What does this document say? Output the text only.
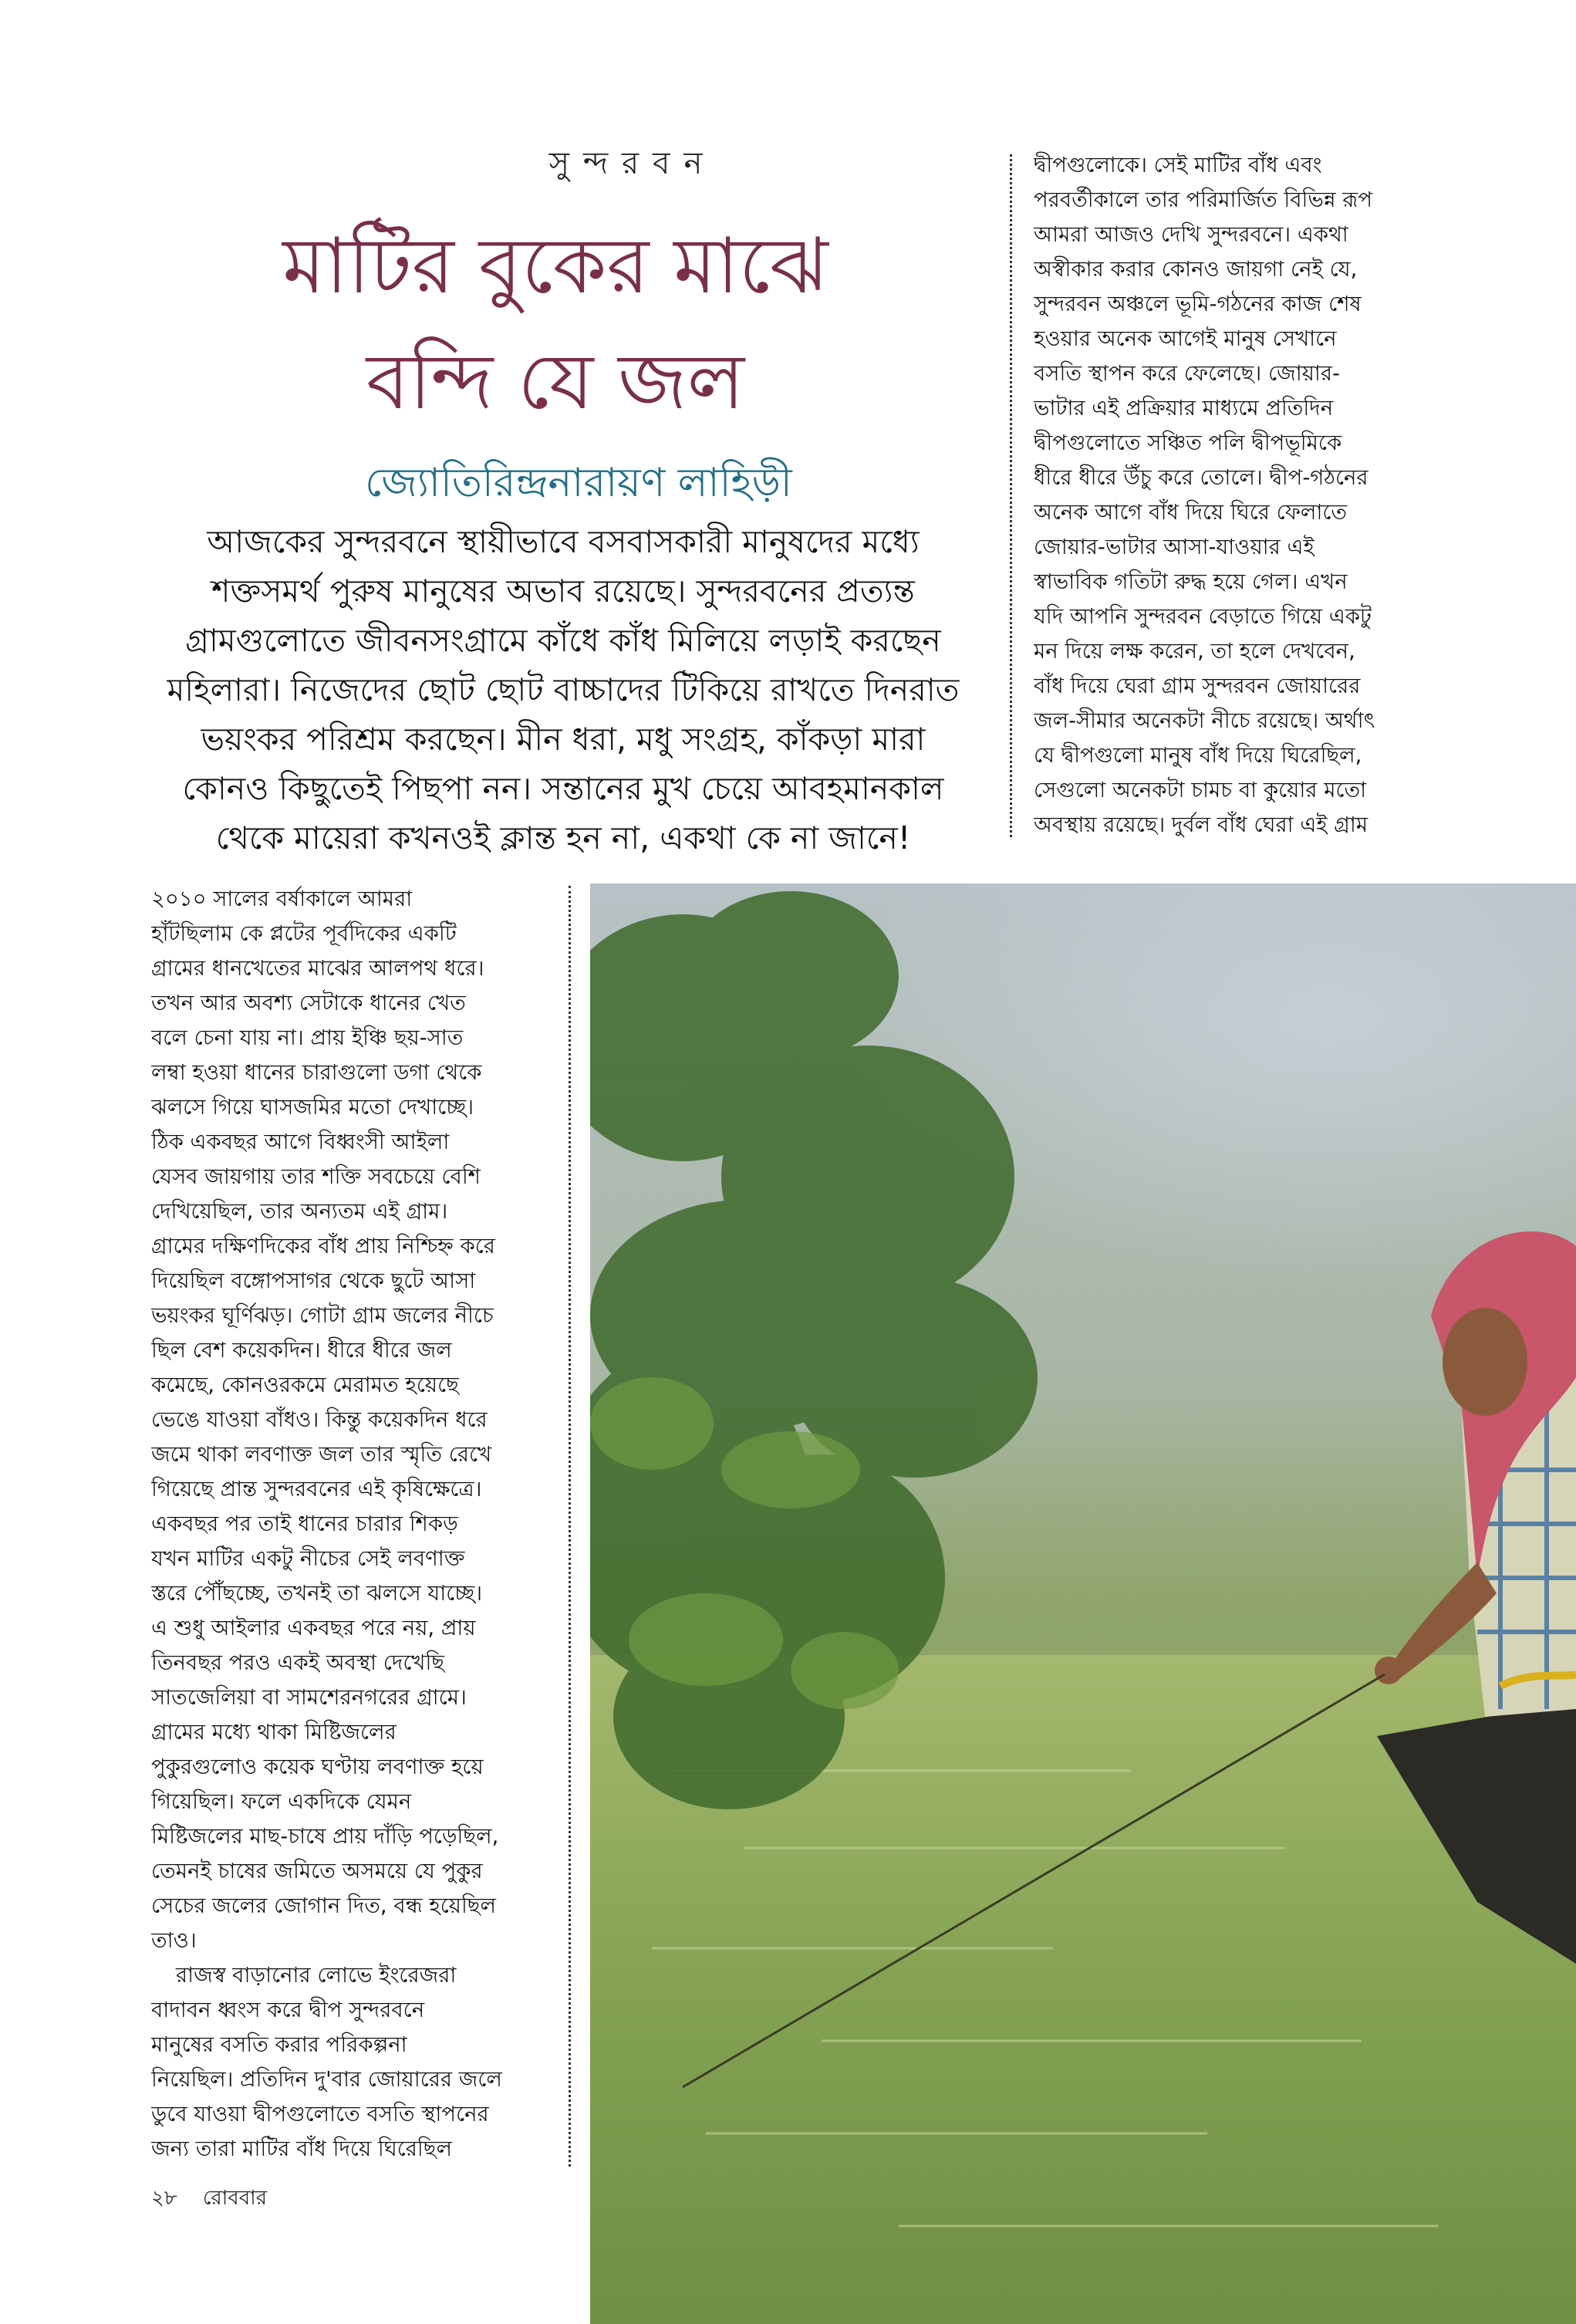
সুন্দরবন
মাটির বুকের মাঝে
বন্দি যে জল
জ্যোতিরিন্দ্রনারায়ণ লাহিড়ী
আজকের সুন্দরবনে স্থায়ীভাবে বসবাসকারী মানুষদের মধ্যে
শক্তসমর্থ পুরুষ মানুষের অভাব রয়েছে। সুন্দরবনের প্রত্যন্ত
গ্রামগুলোতে জীবনসংগ্রামে কাঁধে কাঁধ মিলিয়ে লড়াই করছেন
মহিলারা। নিজেদের ছোট ছোট বাচ্চাদের টিকিয়ে রাখতে দিনরাত
ভয়ংকর পরিশ্রম করছেন। মীন ধরা, মধু সংগ্রহ, কাঁকড়া মারা
কোনও কিছুতেই পিছপা নন। সন্তানের মুখ চেয়ে আবহমানকাল
থেকে মায়েরা কখনওই ক্লান্ত হন না, একথা কে না জানে!
দ্বীপগুলোকে। সেই মাটির বাঁধ এবং
পরবর্তীকালে তার পরিমার্জিত বিভিন্ন রূপ
আমরা আজও দেখি সুন্দরবনে। একথা
অস্বীকার করার কোনও জায়গা নেই যে,
সুন্দরবন অঞ্চলে ভূমি-গঠনের কাজ শেষ
হওয়ার অনেক আগেই মানুষ সেখানে
বসতি স্থাপন করে ফেলেছে। জোয়ার-
ভাটার এই প্রক্রিয়ার মাধ্যমে প্রতিদিন
দ্বীপগুলোতে সঞ্চিত পলি দ্বীপভূমিকে
ধীরে ধীরে উঁচু করে তোলে। দ্বীপ-গঠনের
অনেক আগে বাঁধ দিয়ে ঘিরে ফেলাতে
জোয়ার-ভাটার আসা-যাওয়ার এই
স্বাভাবিক গতিটা রুদ্ধ হয়ে গেল। এখন
যদি আপনি সুন্দরবন বেড়াতে গিয়ে একটু
মন দিয়ে লক্ষ করেন, তা হলে দেখবেন,
বাঁধ দিয়ে ঘেরা গ্রাম সুন্দরবন জোয়ারের
জল-সীমার অনেকটা নীচে রয়েছে। অর্থাৎ
যে দ্বীপগুলো মানুষ বাঁধ দিয়ে ঘিরেছিল,
সেগুলো অনেকটা চামচ বা কুয়োর মতো
অবস্থায় রয়েছে। দুর্বল বাঁধ ঘেরা এই গ্রাম
২০১০ সালের বর্ষাকালে আমরা
হাঁটছিলাম কে প্লটের পূর্বদিকের একটি
গ্রামের ধানখেতের মাঝের আলপথ ধরে।
তখন আর অবশ্য সেটাকে ধানের খেত
বলে চেনা যায় না। প্রায় ইঞ্চি ছয়-সাত
লম্বা হওয়া ধানের চারাগুলো ডগা থেকে
ঝলসে গিয়ে ঘাসজমির মতো দেখাচ্ছে।
ঠিক একবছর আগে বিধ্বংসী আইলা
যেসব জায়গায় তার শক্তি সবচেয়ে বেশি
দেখিয়েছিল, তার অন্যতম এই গ্রাম।
গ্রামের দক্ষিণদিকের বাঁধ প্রায় নিশ্চিহ্ন করে
দিয়েছিল বঙ্গোপসাগর থেকে ছুটে আসা
ভয়ংকর ঘূর্ণিঝড়। গোটা গ্রাম জলের নীচে
ছিল বেশ কয়েকদিন। ধীরে ধীরে জল
কমেছে, কোনওরকমে মেরামত হয়েছে
ভেঙে যাওয়া বাঁধও। কিন্তু কয়েকদিন ধরে
জমে থাকা লবণাক্ত জল তার স্মৃতি রেখে
গিয়েছে প্রান্ত সুন্দরবনের এই কৃষিক্ষেত্রে।
একবছর পর তাই ধানের চারার শিকড়
যখন মাটির একটু নীচের সেই লবণাক্ত
স্তরে পৌঁছচ্ছে, তখনই তা ঝলসে যাচ্ছে।
এ শুধু আইলার একবছর পরে নয়, প্রায়
তিনবছর পরও একই অবস্থা দেখেছি
সাতজেলিয়া বা সামশেরনগরের গ্রামে।
গ্রামের মধ্যে থাকা মিষ্টিজলের
পুকুরগুলোও কয়েক ঘণ্টায় লবণাক্ত হয়ে
গিয়েছিল। ফলে একদিকে যেমন
মিষ্টিজলের মাছ-চাষে প্রায় দাঁড়ি পড়েছিল,
তেমনই চাষের জমিতে অসময়ে যে পুকুর
সেচের জলের জোগান দিত, বন্ধ হয়েছিল
তাও।
রাজস্ব বাড়ানোর লোভে ইংরেজরা
বাদাবন ধ্বংস করে দ্বীপ সুন্দরবনে
মানুষের বসতি করার পরিকল্পনা
নিয়েছিল। প্রতিদিন দু'বার জোয়ারের জলে
ডুবে যাওয়া দ্বীপগুলোতে বসতি স্থাপনের
জন্য তারা মাটির বাঁধ দিয়ে ঘিরেছিল
২৮ রোববার
